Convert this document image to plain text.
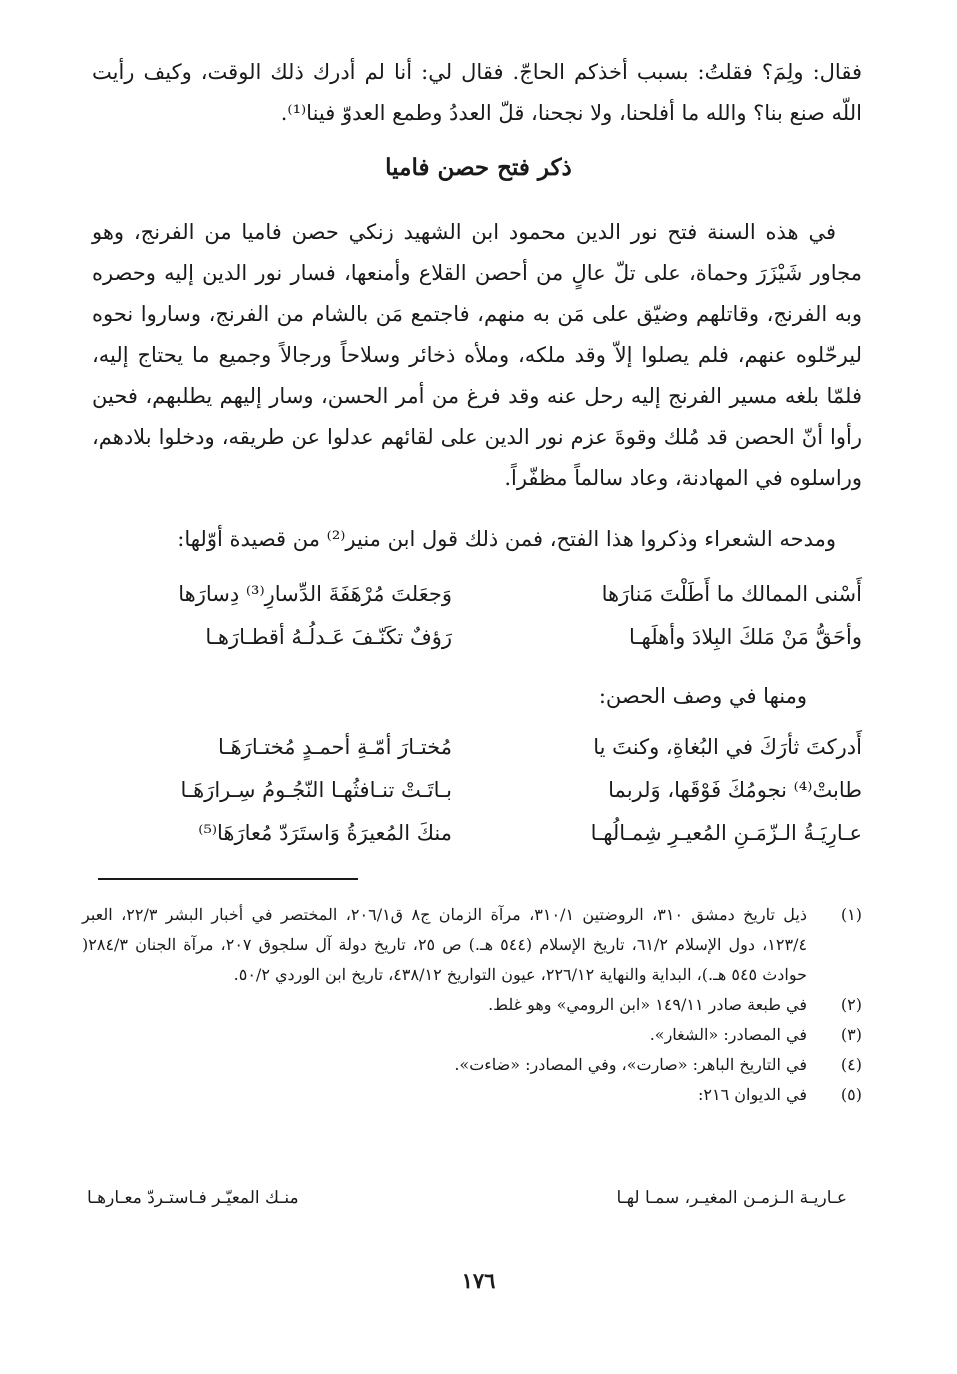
فقال: ولِمَ؟ فقلتُ: بسبب أخذكم الحاجّ. فقال لي: أنا لم أدرك ذلك الوقت، وكيف رأيت اللّه صنع بنا؟ والله ما أفلحنا، ولا نجحنا، قلّ العددُ وطمع العدوّ فينا⁽¹⁾.

ذكر فتح حصن فاميا

في هذه السنة فتح نور الدين محمود ابن الشهيد زنكي حصن فاميا من الفرنج، وهو مجاور شَيْزَرَ وحماة، على تلّ عالٍ من أحصن القلاع وأمنعها، فسار نور الدين إليه وحصره وبه الفرنج، وقاتلهم وضيّق على مَن به منهم، فاجتمع مَن بالشام من الفرنج، وساروا نحوه ليرحّلوه عنهم، فلم يصلوا إلاّ وقد ملكه، وملأه ذخائر وسلاحاً ورجالاً وجميع ما يحتاج إليه، فلمّا بلغه مسير الفرنج إليه رحل عنه وقد فرغ من أمر الحسن، وسار إليهم يطلبهم، فحين رأوا أنّ الحصن قد مُلك وقوةَ عزم نور الدين على لقائهم عدلوا عن طريقه، ودخلوا بلادهم، وراسلوه في المهادنة، وعاد سالماً مظفّراً.

ومدحه الشعراء وذكروا هذا الفتح، فمن ذلك قول ابن منير⁽²⁾ من قصيدة أوّلها:

أَسْنى الممالك ما أَطَلْتَ مَنارَها
وَجعَلتَ مُرْهَفَةَ الدِّسارِ⁽³⁾ دِسارَها
وأحَقُّ مَنْ مَلكَ البِلادَ وأهلَهـا
رَؤفٌ تكَنّـفَ عَـدلُـهُ أقطـارَهـا
ومنها في وصف الحصن:
أَدركتَ ثأرَكَ في البُغاةِ، وكنتَ يا
مُختـارَ أمّـةِ أحمـدٍ مُختـارَهَـا
طابتْ⁽⁴⁾ نجومُكَ فَوْقَها، وَلربما
بـاتَـتْ تنـافثُهـا النّجُـومُ سِـرارَهَـا
عـارِيَـةُ الـزّمَـنِ المُعيـرِ شِمـالُهـا
منكَ المُعيرَةُ وَاستَرَدّ مُعارَهَا⁽⁵⁾
(١)
ذيل تاريخ دمشق ٣١٠، الروضتين ٣١٠/١، مرآة الزمان ج٨ ق٢٠٦/١، المختصر في أخبار البشر ٢٢/٣، العبر ١٢٣/٤، دول الإسلام ٦١/٢، تاريخ الإسلام (٥٤٤ هـ.) ص ٢٥، تاريخ دولة آل سلجوق ٢٠٧، مرآة الجنان ٢٨٤/٣( حوادث ٥٤٥ هـ.)، البداية والنهاية ٢٢٦/١٢، عيون التواريخ ٤٣٨/١٢، تاريخ ابن الوردي ٥٠/٢.
(٢)
في طبعة صادر ١٤٩/١١ «ابن الرومي» وهو غلط.
(٣)
في المصادر: «الشغار».
(٤)
في التاريخ الباهر: «صارت»، وفي المصادر: «ضاءت».
(٥)
في الديوان ٢١٦:
عـاريـة الـزمـن المغيـر، سمـا لهـا
منـك المعيّـر فـاستـردّ معـارهـا
١٧٦
